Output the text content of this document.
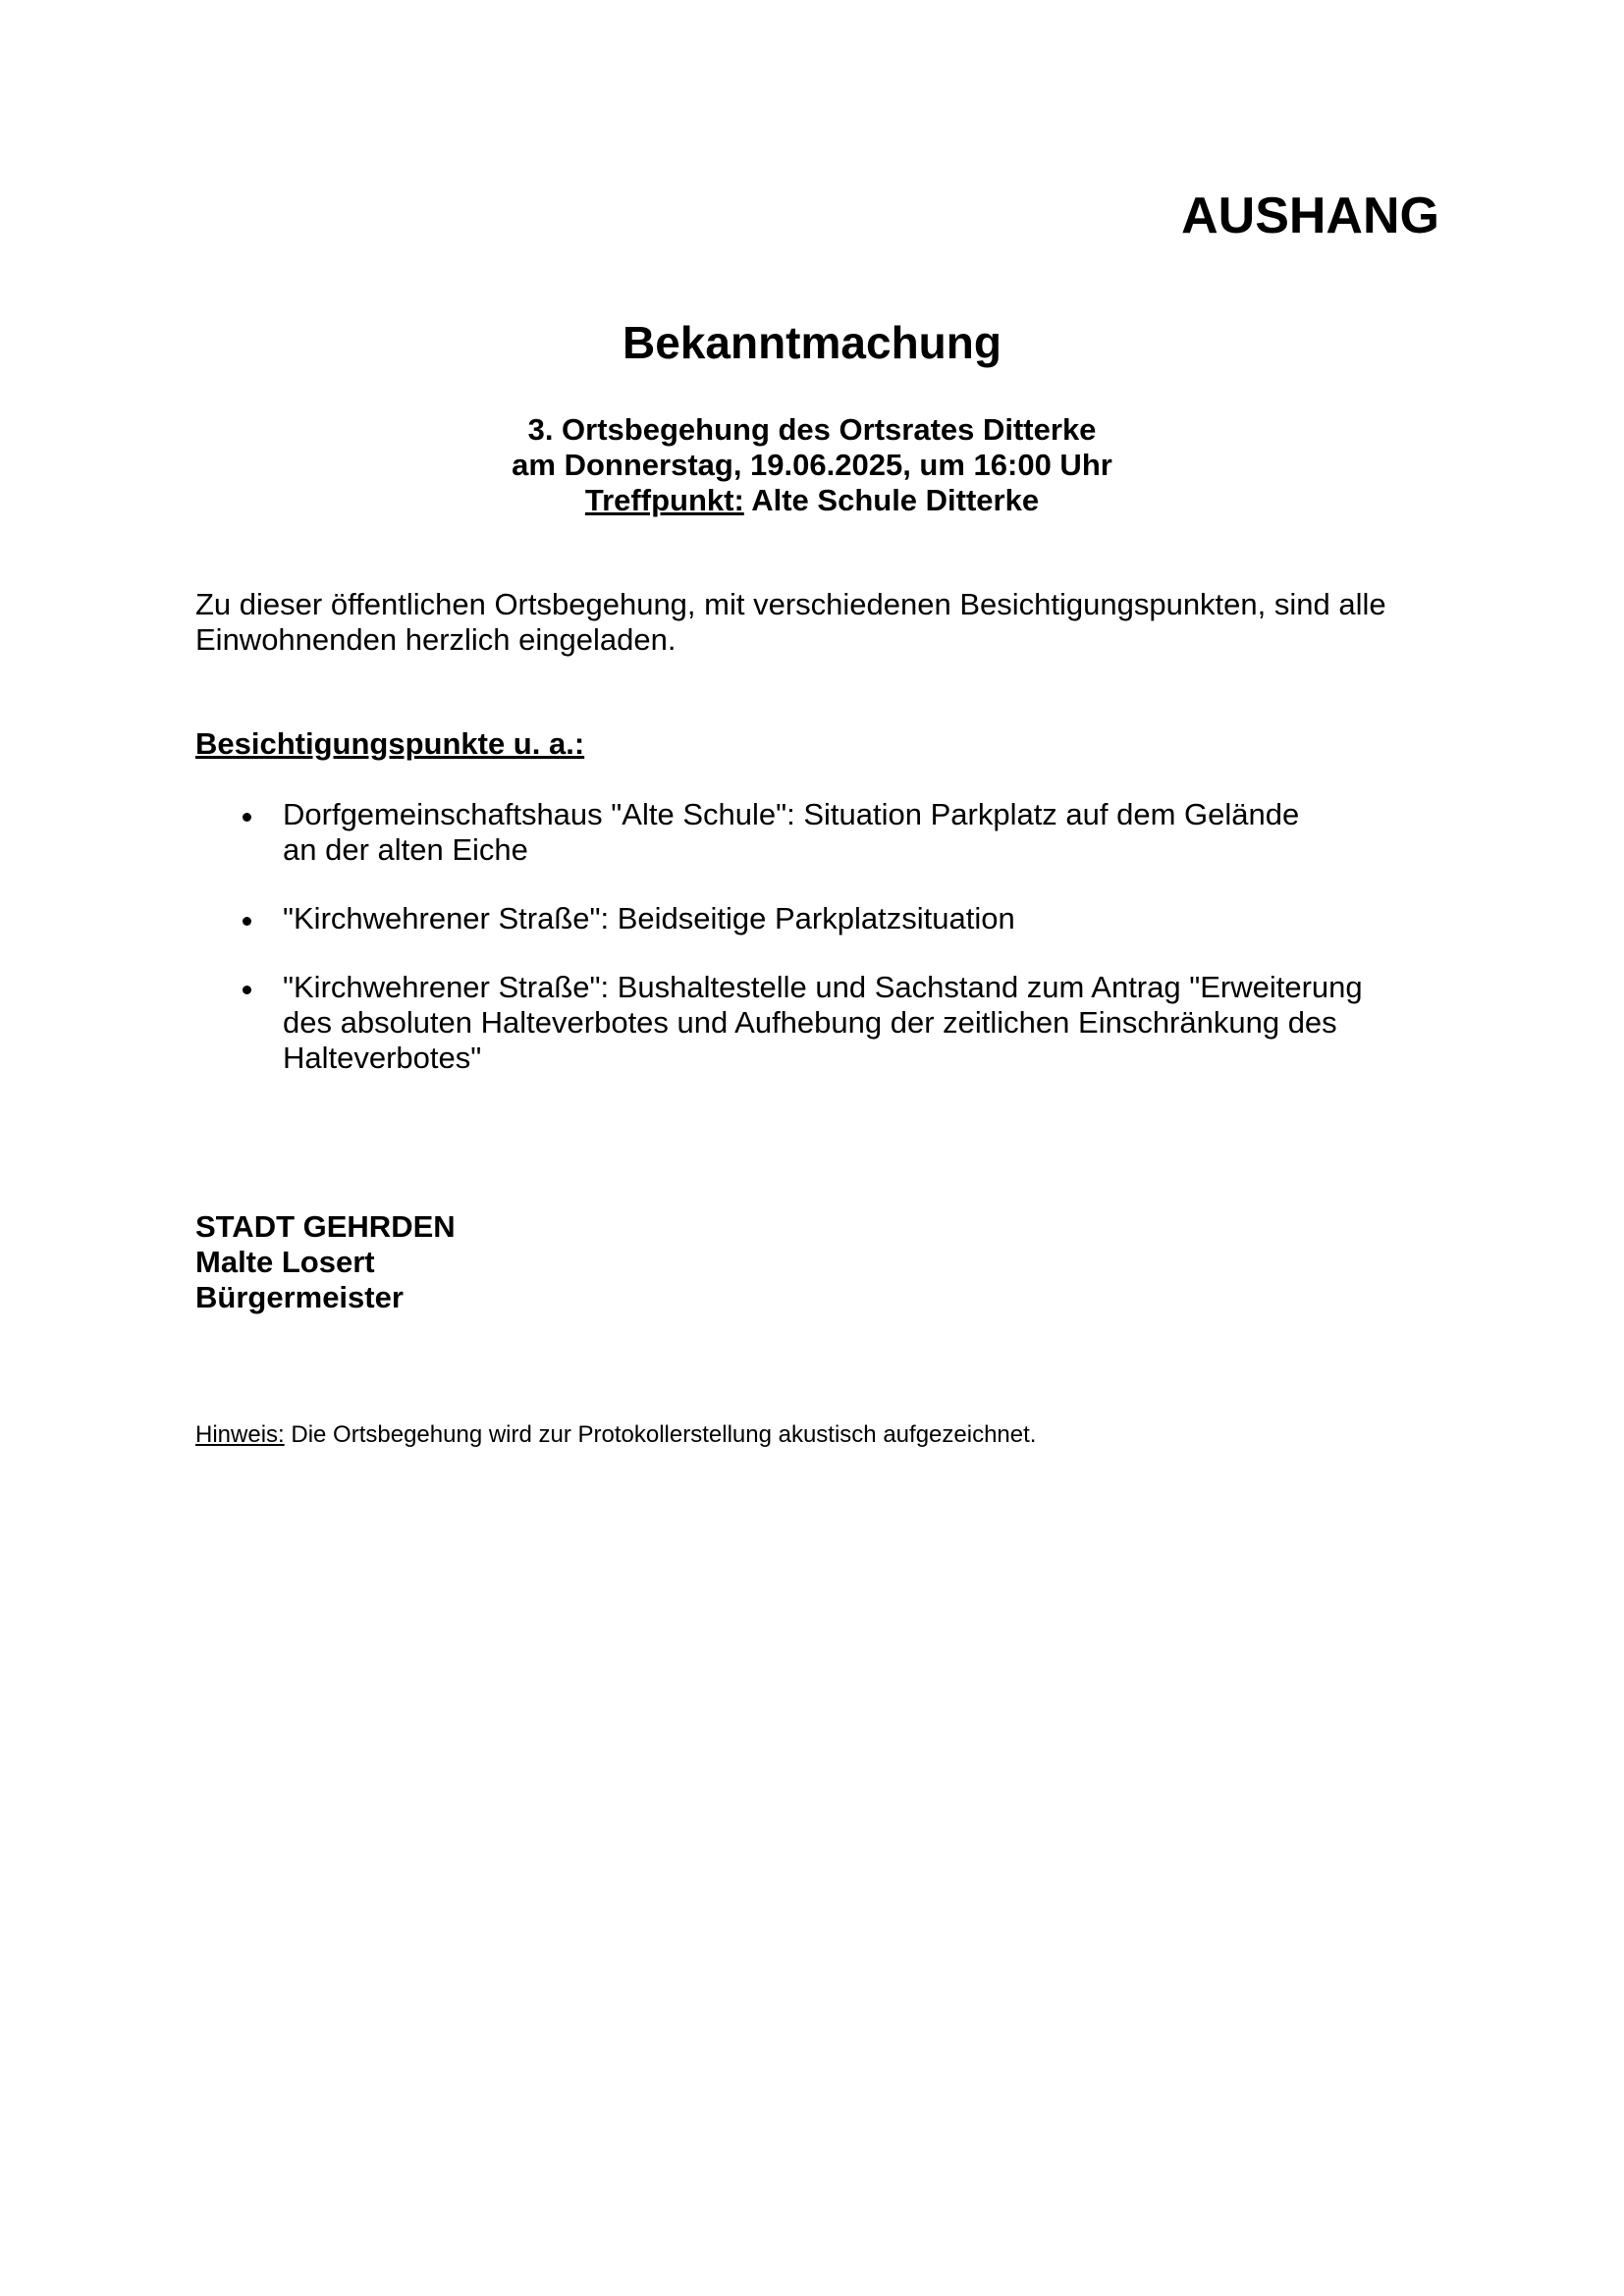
AUSHANG
Bekanntmachung
3. Ortsbegehung des Ortsrates Ditterke
am Donnerstag, 19.06.2025, um 16:00 Uhr
Treffpunkt: Alte Schule Ditterke

Zu dieser öffentlichen Ortsbegehung, mit verschiedenen Besichtigungspunkten, sind alle Einwohnenden herzlich eingeladen.

Besichtigungspunkte u. a.:

Dorfgemeinschaftshaus "Alte Schule": Situation Parkplatz auf dem Gelände
an der alten Eiche
"Kirchwehrener Straße": Beidseitige Parkplatzsituation
"Kirchwehrener Straße": Bushaltestelle und Sachstand zum Antrag "Erweiterung
des absoluten Halteverbotes und Aufhebung der zeitlichen Einschränkung des
Halteverbotes"
STADT GEHRDEN
Malte Losert
Bürgermeister

Hinweis: Die Ortsbegehung wird zur Protokollerstellung akustisch aufgezeichnet.
